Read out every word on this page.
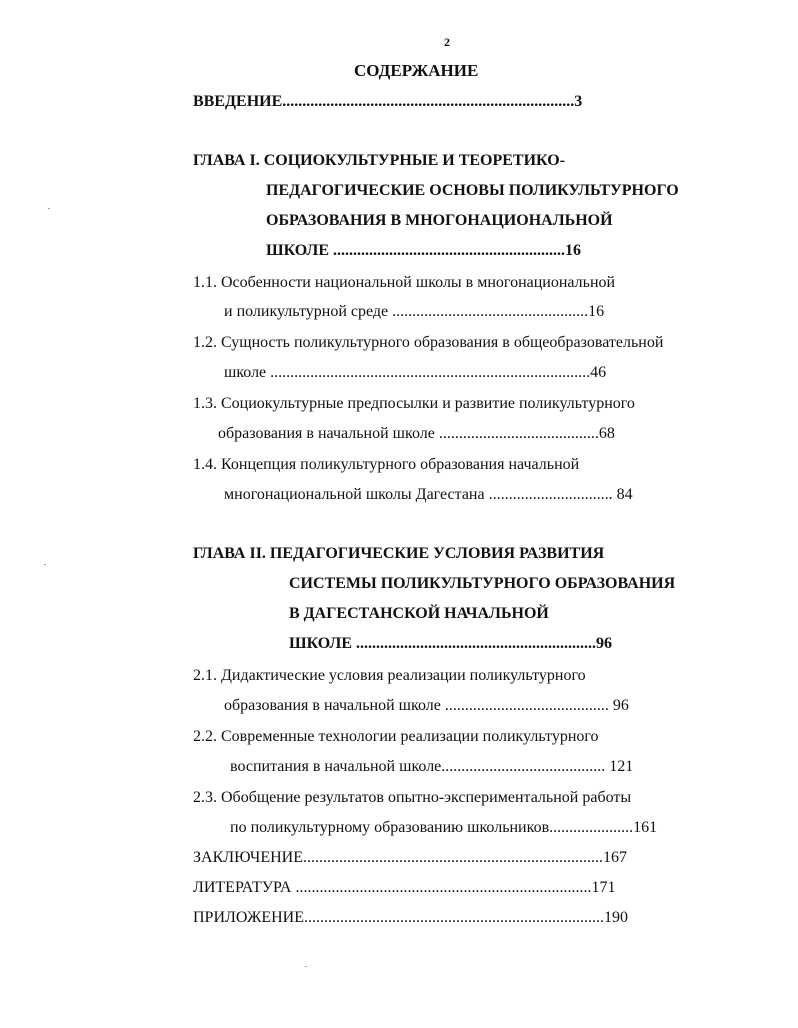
2
СОДЕРЖАНИЕ
ВВЕДЕНИЕ.........................................................................3
ГЛАВА I. СОЦИОКУЛЬТУРНЫЕ И ТЕОРЕТИКО-
ПЕДАГОГИЧЕСКИЕ ОСНОВЫ ПОЛИКУЛЬТУРНОГО
ОБРАЗОВАНИЯ В МНОГОНАЦИОНАЛЬНОЙ
ШКОЛЕ ..........................................................16
1.1. Особенности национальной школы в многонациональной
и поликультурной среде .................................................16
1.2. Сущность поликультурного образования в общеобразовательной
школе ................................................................................46
1.3. Социокультурные предпосылки и развитие поликультурного
образования в начальной школе ........................................68
1.4. Концепция поликультурного образования начальной
многонациональной школы Дагестана ............................... 84
ГЛАВА II. ПЕДАГОГИЧЕСКИЕ УСЛОВИЯ РАЗВИТИЯ
СИСТЕМЫ ПОЛИКУЛЬТУРНОГО ОБРАЗОВАНИЯ
В ДАГЕСТАНСКОЙ НАЧАЛЬНОЙ
ШКОЛЕ ............................................................96
2.1. Дидактические условия реализации поликультурного
образования в начальной школе ......................................... 96
2.2. Современные технологии реализации поликультурного
воспитания в начальной школе......................................... 121
2.3. Обобщение результатов опытно-экспериментальной работы
по поликультурному образованию школьников.....................161
ЗАКЛЮЧЕНИЕ...........................................................................167
ЛИТЕРАТУРА ..........................................................................171
ПРИЛОЖЕНИЕ...........................................................................190
